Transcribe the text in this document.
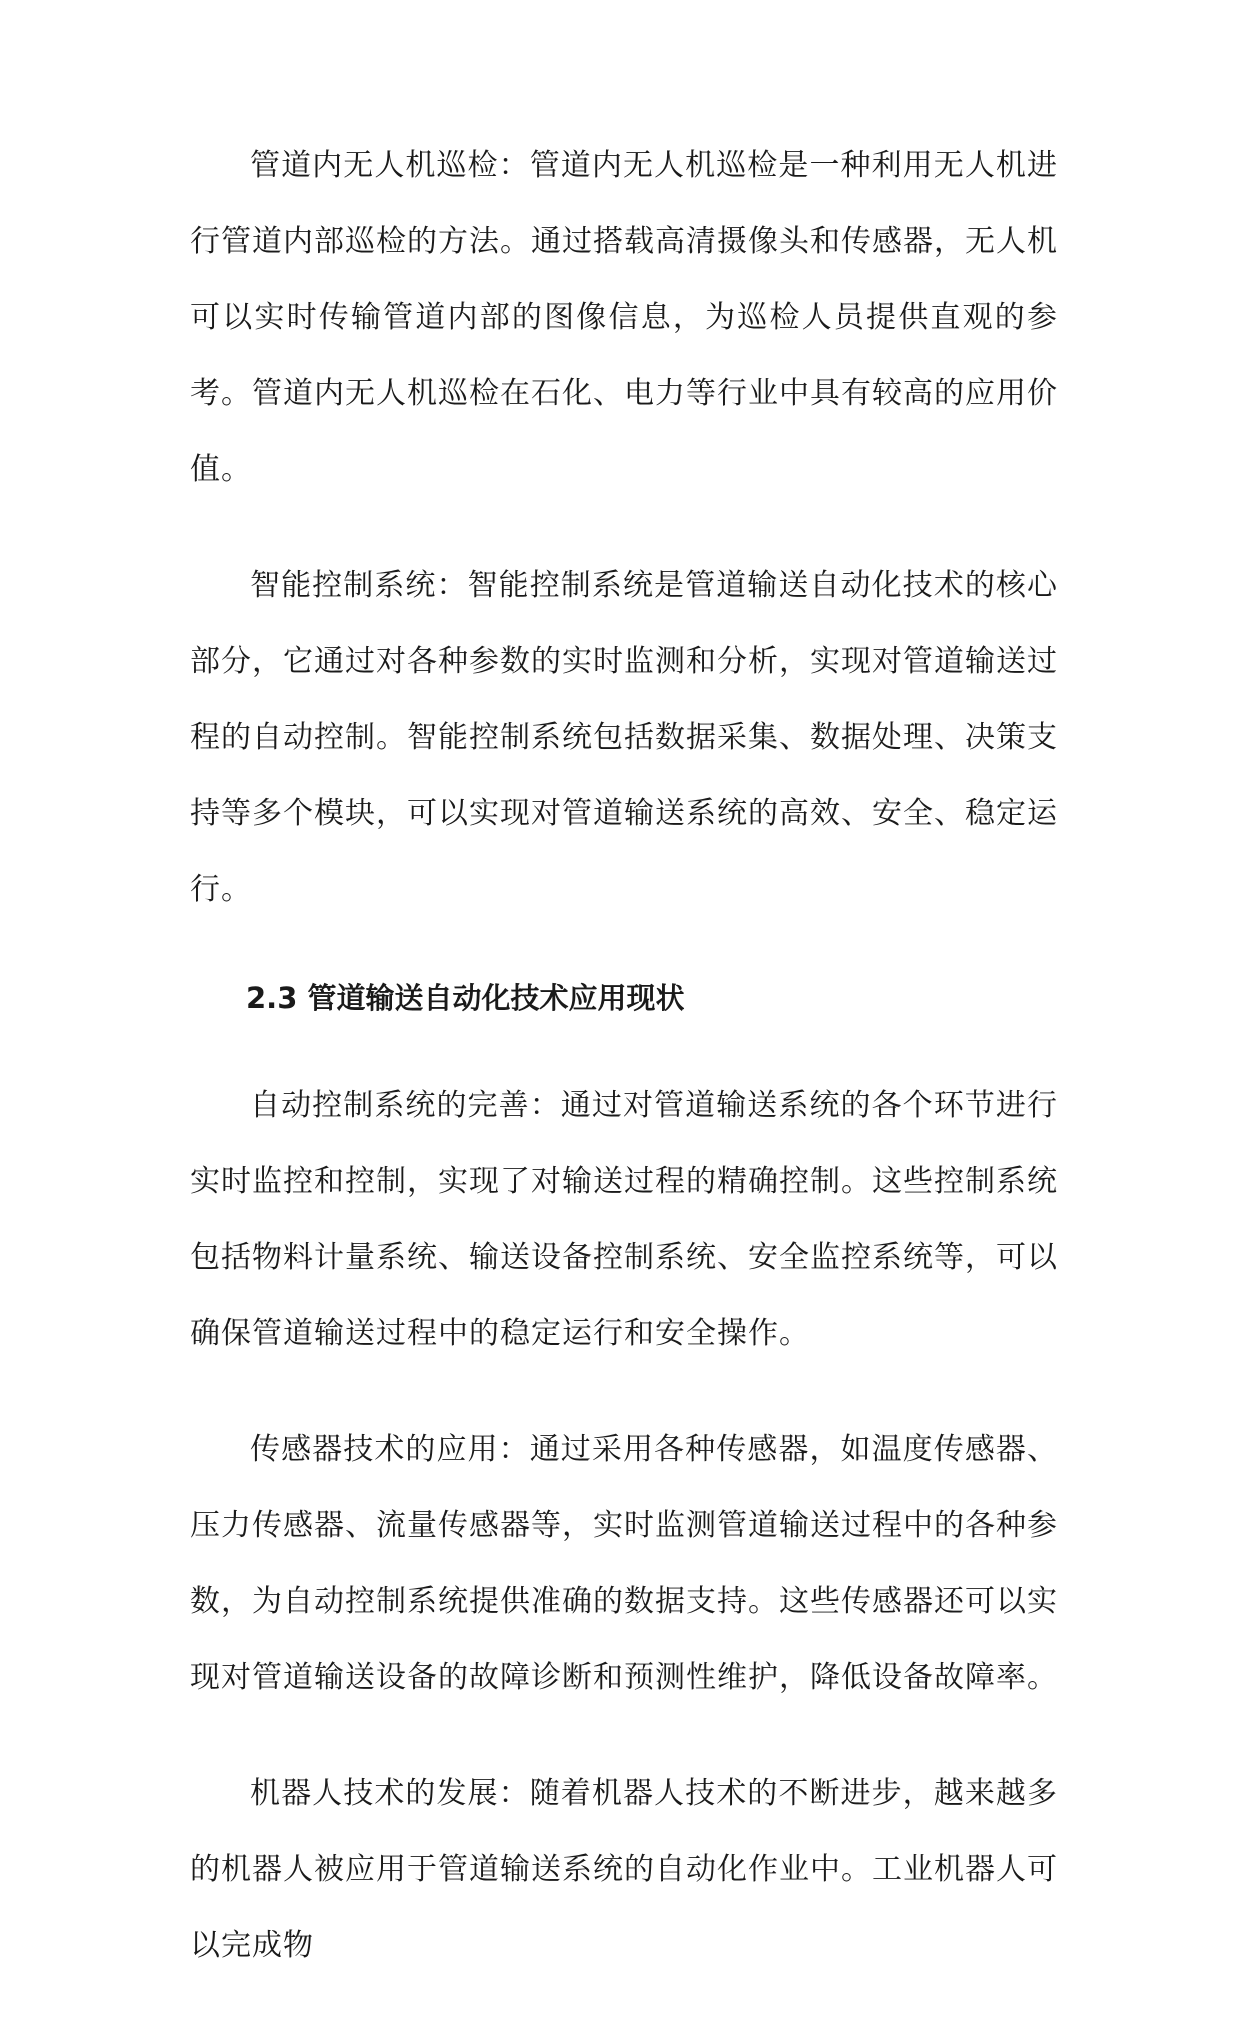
管道内无人机巡检：管道内无人机巡检是一种利用无人机进行管道内部巡检的方法。通过搭载高清摄像头和传感器，无人机可以实时传输管道内部的图像信息，为巡检人员提供直观的参考。管道内无人机巡检在石化、电力等行业中具有较高的应用价值。

智能控制系统：智能控制系统是管道输送自动化技术的核心部分，它通过对各种参数的实时监测和分析，实现对管道输送过程的自动控制。智能控制系统包括数据采集、数据处理、决策支持等多个模块，可以实现对管道输送系统的高效、安全、稳定运行。

2.3 管道输送自动化技术应用现状

自动控制系统的完善：通过对管道输送系统的各个环节进行实时监控和控制，实现了对输送过程的精确控制。这些控制系统包括物料计量系统、输送设备控制系统、安全监控系统等，可以确保管道输送过程中的稳定运行和安全操作。

传感器技术的应用：通过采用各种传感器，如温度传感器、压力传感器、流量传感器等，实时监测管道输送过程中的各种参数，为自动控制系统提供准确的数据支持。这些传感器还可以实现对管道输送设备的故障诊断和预测性维护，降低设备故障率。

机器人技术的发展：随着机器人技术的不断进步，越来越多的机器人被应用于管道输送系统的自动化作业中。工业机器人可以完成物
